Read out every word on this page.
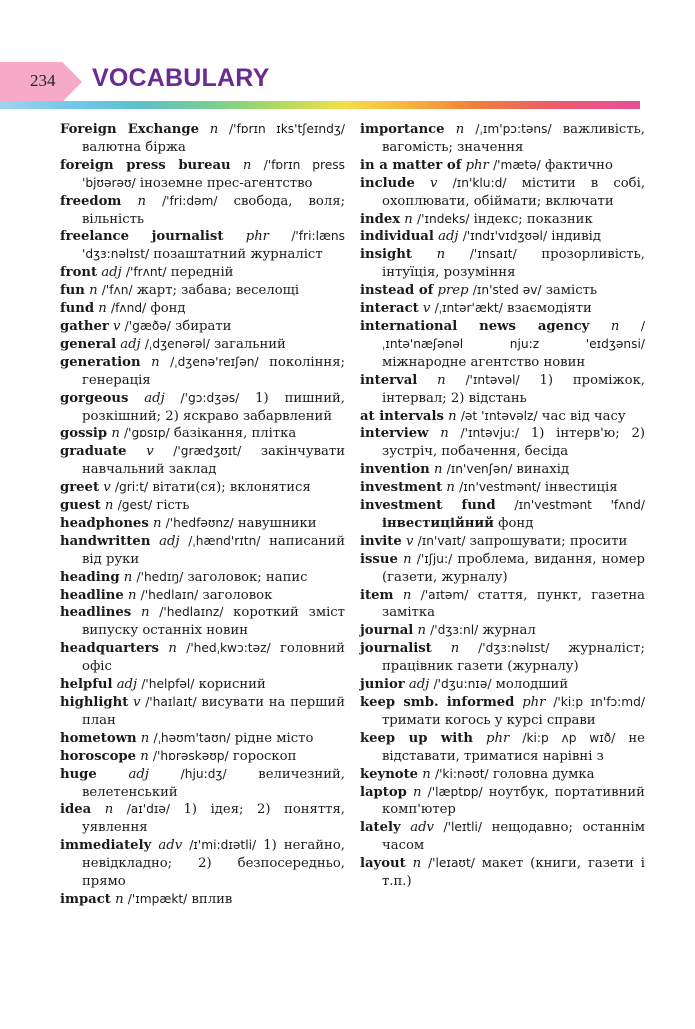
234 VOCABULARY

Foreign Exchange n /'fɒrɪn ɪks'tʃeɪndʒ/ валютна біржа

foreign press bureau n /'fɒrɪn press 'bjʊərəʊ/ іноземне прес-агентство

freedom n /'fri:dəm/ свобода, воля; вільність

freelance journalist phr /'fri:læns 'dʒɜ:nəlɪst/ позаштатний журналіст

front adj /'frʌnt/ передній

fun n /'fʌn/ жарт; забава; веселощі

fund n /fʌnd/ фонд

gather v /'gæðə/ збирати

general adj /ˌdʒenərəl/ загальний

generation n /ˌdʒenə'reɪʃən/ покоління; генерація

gorgeous adj /'gɔ:dʒəs/ 1) пишний, розкішний; 2) яскраво забарвлений

gossip n /'gɒsɪp/ базікання, плітка

graduate v /'grædʒʊɪt/ закінчувати навчальний заклад

greet v /gri:t/ вітати(ся); вклонятися

guest n /gest/ гість

headphones n /'hedfəʊnz/ навушники

handwritten adj /ˌhænd'rɪtn/ написаний від руки

heading n /'hedɪŋ/ заголовок; напис

headline n /'hedlaɪn/ заголовок

headlines n /'hedlaɪnz/ короткий зміст випуску останніх новин

headquarters n /'hedˌkwɔ:təz/ головний офіс

helpful adj /'helpfəl/ корисний

highlight v /'haɪlaɪt/ висувати на перший план

hometown n /ˌhəʊm'taʊn/ рідне місто

horoscope n /'hɒrəskəʊp/ гороскоп

huge adj	/hju:dʒ/ величезний, велетенський

idea n /aɪ'dɪə/ 1) ідея; 2) поняття, уявлення

immediately adv /ɪ'mi:dɪətli/ 1) негайно, невідкладно; 2) безпосередньо, прямо

impact n /'ɪmpækt/ вплив

importance n /ˌɪm'pɔ:təns/ важливість, вагомість; значення

in a matter of phr /'mætə/ фактично

include v /ɪn'klu:d/ містити в собі, охоплювати, обіймати; включати

index n /'ɪndeks/ індекс; показник

individual adj /'ɪndɪ'vɪdʒʊəl/ індивід

insight n /'ɪnsaɪt/ прозорливість, інтуїція, розуміння

instead of prep /ɪn'sted əv/ замість

interact v /ˌɪntər'ækt/ взаємодіяти

international news agency n /ˌɪntə'næʃənəl nju:z 'eɪdʒənsi/ міжнародне агентство новин

interval n /'ɪntəvəl/ 1) проміжок, інтервал; 2) відстань

at intervals n /ət 'ɪntəvəlz/ час від часу

interview n /'ɪntəvju:/ 1) інтерв'ю; 2) зустріч, побачення, бесіда

invention n /ɪn'venʃən/ винахід

investment n /ɪn'vestmənt/ інвестиція

investment fund /ɪn'vestmənt 'fʌnd/ інвестиційний фонд

invite v /ɪn'vaɪt/ запрошувати; просити

issue n /'ɪʃju:/ проблема, видання, номер (газети, журналу)

item n /'aɪtəm/ стаття, пункт, газетна замітка

journal n /'dʒɜ:nl/ журнал

journalist n /'dʒɜ:nəlɪst/ журналіст; працівник газети (журналу)

junior adj /'dʒu:nɪə/ молодший

keep smb. informed phr /'ki:p ɪn'fɔ:md/ тримати когось у курсі справи

keep up with phr /ki:p ʌp wɪð/ не відставати, триматися нарівні з

keynote n /'ki:nəʊt/ головна думка

laptop n /'læptɒp/ ноутбук, портативний комп'ютер

lately adv /'leɪtli/ нещодавно; останнім часом

layout n /'leɪaʊt/ макет (книги, газети і т.п.)
